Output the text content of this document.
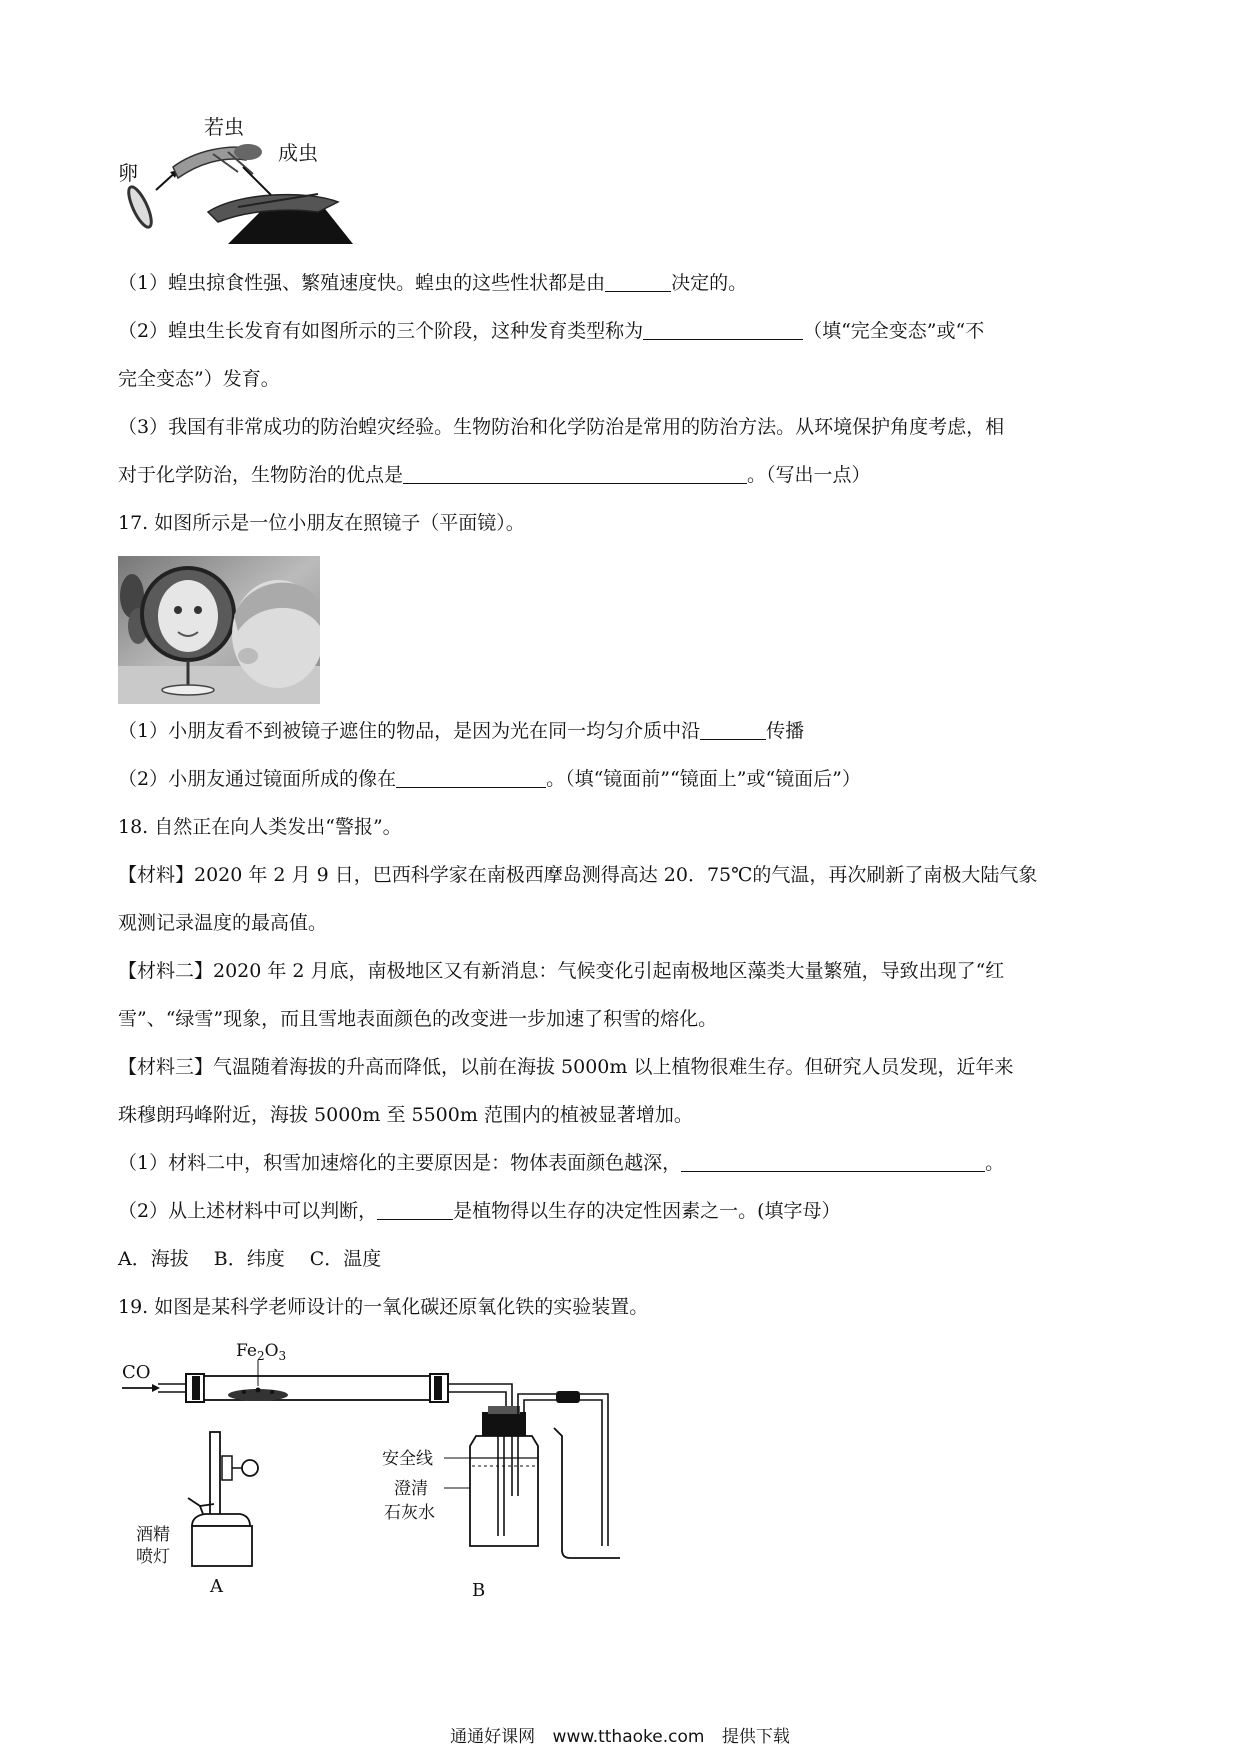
卵
若虫
成虫
（1）蝗虫掠食性强、繁殖速度快。蝗虫的这些性状都是由	决定的。
（2）蝗虫生长发育有如图所示的三个阶段，这种发育类型称为	（填“完全变态”或“不
完全变态”）发育。
（3）我国有非常成功的防治蝗灾经验。生物防治和化学防治是常用的防治方法。从环境保护角度考虑，相
对于化学防治，生物防治的优点是	。（写出一点）
17. 如图所示是一位小朋友在照镜子（平面镜）。
（1）小朋友看不到被镜子遮住的物品，是因为光在同一均匀介质中沿	传播
（2）小朋友通过镜面所成的像在	。（填“镜面前”“镜面上”或“镜面后”）
18. 自然正在向人类发出“警报”。
【材料】2020 年 2 月 9 日，巴西科学家在南极西摩岛测得高达 20．75℃的气温，再次刷新了南极大陆气象
观测记录温度的最高值。
【材料二】2020 年 2 月底，南极地区又有新消息：气候变化引起南极地区藻类大量繁殖，导致出现了“红
雪”、“绿雪”现象，而且雪地表面颜色的改变进一步加速了积雪的熔化。
【材料三】气温随着海拔的升高而降低，以前在海拔 5000m 以上植物很难生存。但研究人员发现，近年来
珠穆朗玛峰附近，海拔 5000m 至 5500m 范围内的植被显著增加。
（1）材料二中，积雪加速熔化的主要原因是：物体表面颜色越深，	。
（2）从上述材料中可以判断，	是植物得以生存的决定性因素之一。(填字母）
A．海拔　 B．纬度　 C．温度
19. 如图是某科学老师设计的一氧化碳还原氧化铁的实验装置。
CO
$Fe_2O_3$
酒精
喷灯
A
安全线
澄清
石灰水
B
通通好课网 www.tthaoke.com 提供下载
